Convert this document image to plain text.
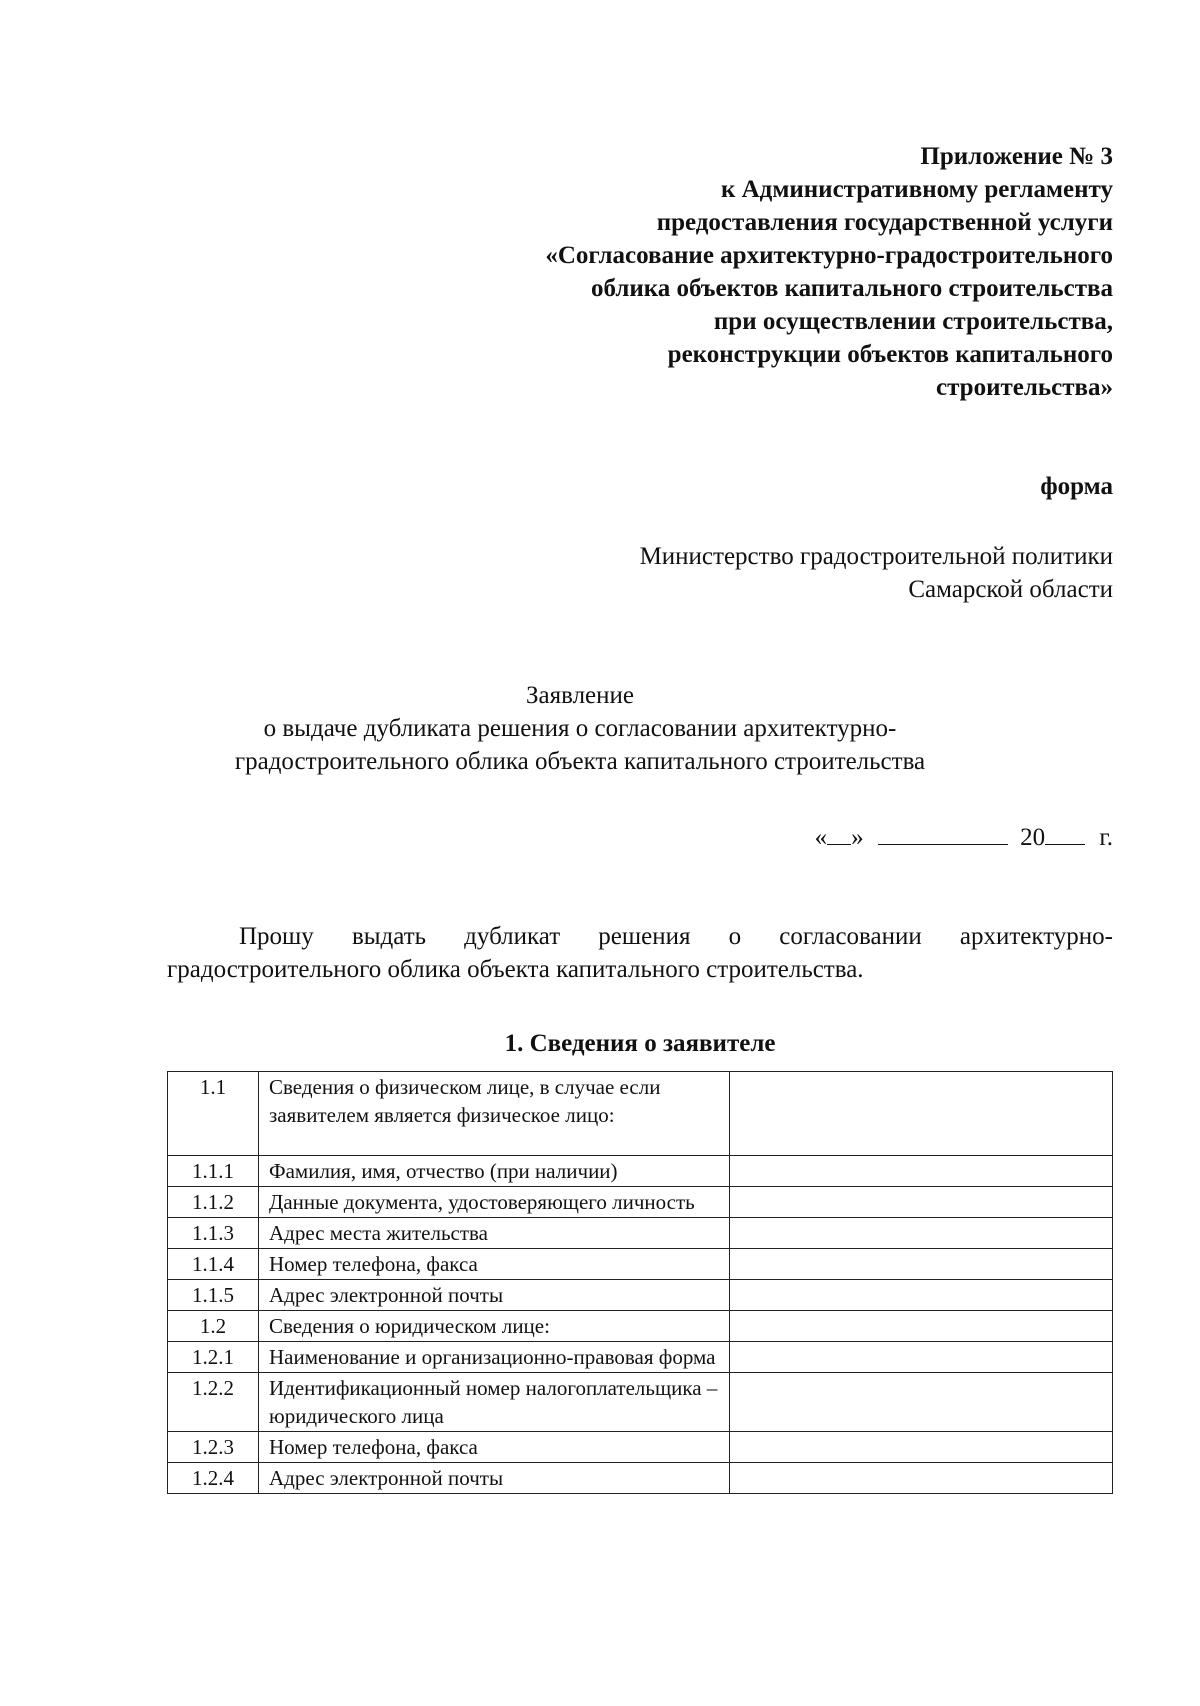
Приложение № 3
к Административному регламенту
предоставления государственной услуги
«Согласование архитектурно-градостроительного
облика объектов капитального строительства
при осуществлении строительства,
реконструкции объектов капитального
строительства»
форма
Министерство градостроительной политики
Самарской области
Заявление
о выдаче дубликата решения о согласовании архитектурно-
градостроительного облика объекта капитального строительства
« »	20 г.
Прошу выдать дубликат решения о согласовании архитектурно-
градостроительного облика объекта капитального строительства.
1. Сведения о заявителе
1.1	Сведения о физическом лице, в случае если заявителем является физическое лицо:	
1.1.1	Фамилия, имя, отчество (при наличии)	
1.1.2	Данные документа, удостоверяющего личность	
1.1.3	Адрес места жительства	
1.1.4	Номер телефона, факса	
1.1.5	Адрес электронной почты	
1.2	Сведения о юридическом лице:	
1.2.1	Наименование и организационно-правовая форма	
1.2.2	Идентификационный номер налогоплательщика – юридического лица	
1.2.3	Номер телефона, факса	
1.2.4	Адрес электронной почты	
